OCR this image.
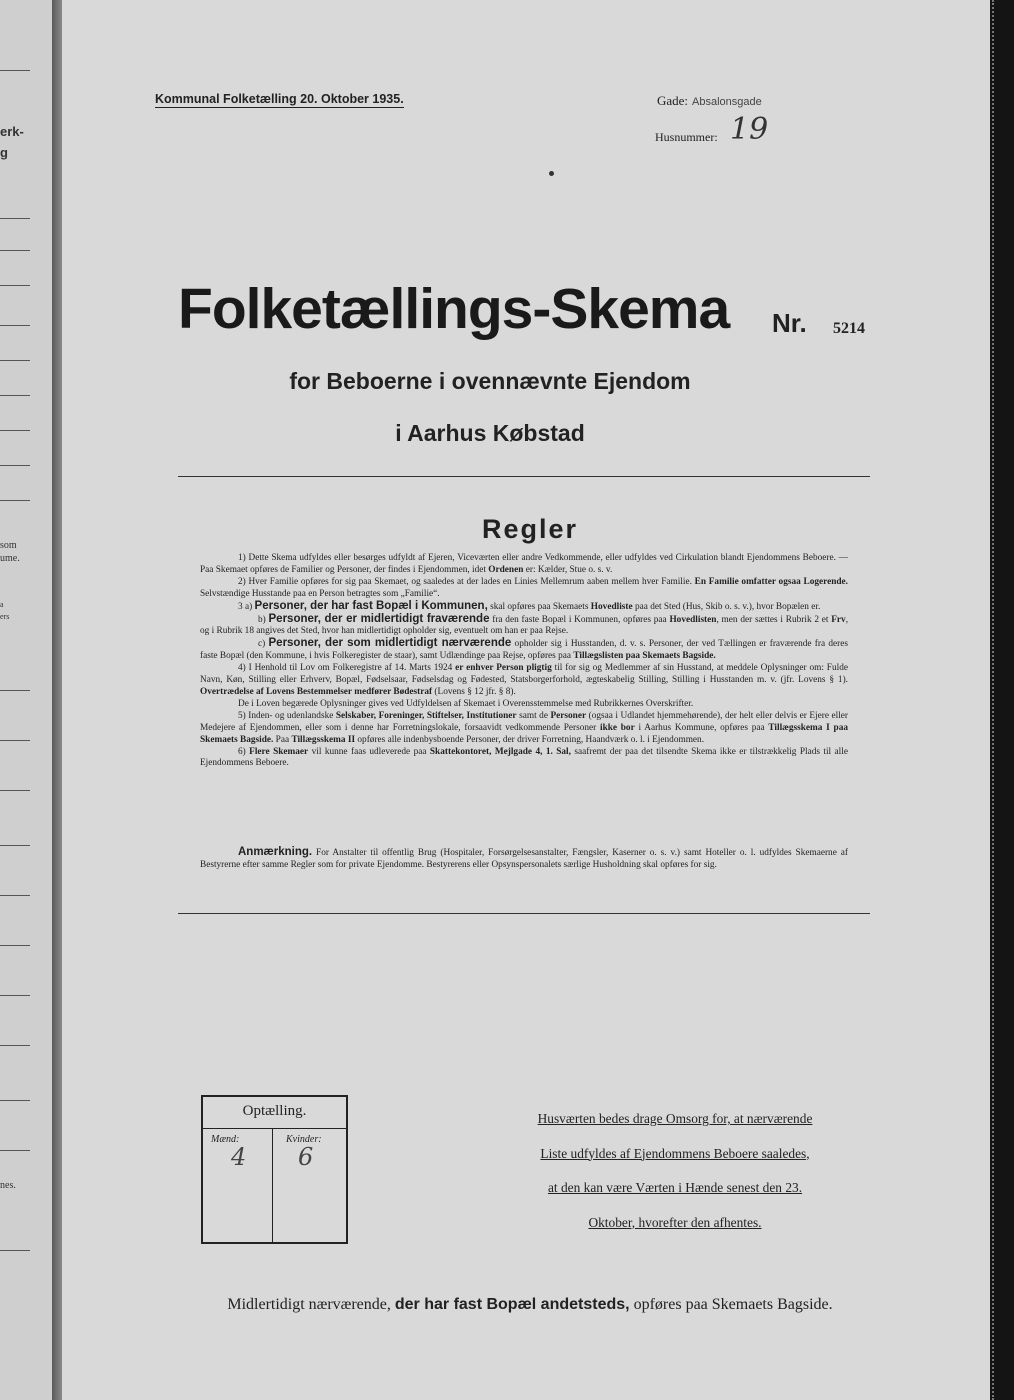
erk-
g
som
ume.
a
ers
nes.
Kommunal Folketælling 20. Oktober 1935.	Gade: Absalonsgade
Husnummer: 19
Folketællings-Skema Nr. 5214
for Beboerne i ovennævnte Ejendom
i Aarhus Købstad
Regler

1) Dette Skema udfyldes eller besørges udfyldt af Ejeren, Viceværten eller andre Vedkommende, eller udfyldes ved Cirkulation blandt Ejendommens Beboere. — Paa Skemaet opføres de Familier og Personer, der findes i Ejendommen, idet Ordenen er: Kælder, Stue o. s. v.

2) Hver Familie opføres for sig paa Skemaet, og saaledes at der lades en Linies Mellemrum aaben mellem hver Familie. En Familie omfatter ogsaa Logerende. Selvstændige Husstande paa en Person betragtes som „Familie“.

3 a) Personer, der har fast Bopæl i Kommunen, skal opføres paa Skemaets Hovedliste paa det Sted (Hus, Skib o. s. v.), hvor Bopælen er.

b) Personer, der er midlertidigt fraværende fra den faste Bopæl i Kommunen, opføres paa Hovedlisten, men der sættes i Rubrik 2 et Frv, og i Rubrik 18 angives det Sted, hvor han midlertidigt opholder sig, eventuelt om han er paa Rejse.

c) Personer, der som midlertidigt nærværende opholder sig i Husstanden, d. v. s. Personer, der ved Tællingen er fraværende fra deres faste Bopæl (den Kommune, i hvis Folkeregister de staar), samt Udlændinge paa Rejse, opføres paa Tillægslisten paa Skemaets Bagside.

4) I Henhold til Lov om Folkeregistre af 14. Marts 1924 er enhver Person pligtig til for sig og Medlemmer af sin Husstand, at meddele Oplysninger om: Fulde Navn, Køn, Stilling eller Erhverv, Bopæl, Fødselsaar, Fødselsdag og Fødested, Statsborgerforhold, ægteskabelig Stilling, Stilling i Husstanden m. v. (jfr. Lovens § 1). Overtrædelse af Lovens Bestemmelser medfører Bødestraf (Lovens § 12 jfr. § 8).

De i Loven begærede Oplysninger gives ved Udfyldelsen af Skemaet i Overensstemmelse med Rubrikkernes Overskrifter.

5) Inden- og udenlandske Selskaber, Foreninger, Stiftelser, Institutioner samt de Personer (ogsaa i Udlandet hjemmehørende), der helt eller delvis er Ejere eller Medejere af Ejendommen, eller som i denne har Forretningslokale, forsaavidt vedkommende Personer ikke bor i Aarhus Kommune, opføres paa Tillægsskema I paa Skemaets Bagside. Paa Tillægsskema II opføres alle indenbysboende Personer, der driver Forretning, Haandværk o. l. i Ejendommen.

6) Flere Skemaer vil kunne faas udleverede paa Skattekontoret, Mejlgade 4, 1. Sal, saafremt der paa det tilsendte Skema ikke er tilstrækkelig Plads til alle Ejendommens Beboere.

Anmærkning. For Anstalter til offentlig Brug (Hospitaler, Forsørgelsesanstalter, Fængsler, Kaserner o. s. v.) samt Hoteller o. l. udfyldes Skemaerne af Bestyrerne efter samme Regler som for private Ejendomme. Bestyrerens eller Opsynspersonalets særlige Husholdning skal opføres for sig.

Optælling.
Mænd:	Kvinder:
4 6
Husværten bedes drage Omsorg for, at nærværende
Liste udfyldes af Ejendommens Beboere saaledes,
at den kan være Værten i Hænde senest den 23.
Oktober, hvorefter den afhentes.
Midlertidigt nærværende, der har fast Bopæl andetsteds, opføres paa Skemaets Bagside.
